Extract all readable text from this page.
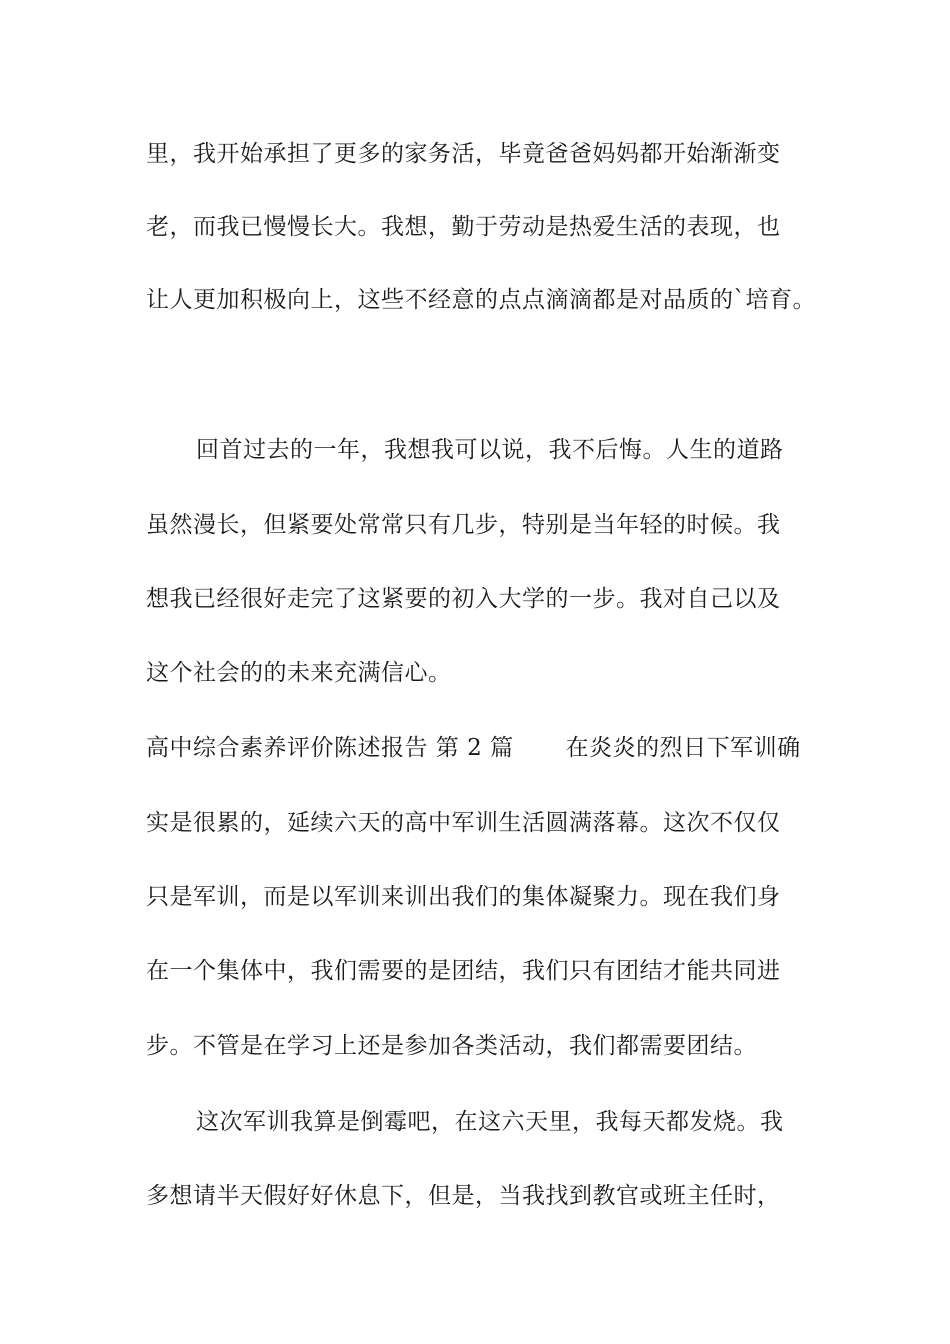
里，我开始承担了更多的家务活，毕竟爸爸妈妈都开始渐渐变
老，而我已慢慢长大。我想，勤于劳动是热爱生活的表现，也
让人更加积极向上，这些不经意的点点滴滴都是对品质的`培育。
回首过去的一年，我想我可以说，我不后悔。人生的道路
虽然漫长，但紧要处常常只有几步，特别是当年轻的时候。我
想我已经很好走完了这紧要的初入大学的一步。我对自己以及
这个社会的的未来充满信心。
高中综合素养评价陈述报告 第 2 篇 在炎炎的烈日下军训确
实是很累的，延续六天的高中军训生活圆满落幕。这次不仅仅
只是军训，而是以军训来训出我们的集体凝聚力。现在我们身
在一个集体中，我们需要的是团结，我们只有团结才能共同进
步。不管是在学习上还是参加各类活动，我们都需要团结。
这次军训我算是倒霉吧，在这六天里，我每天都发烧。我
多想请半天假好好休息下，但是，当我找到教官或班主任时，
